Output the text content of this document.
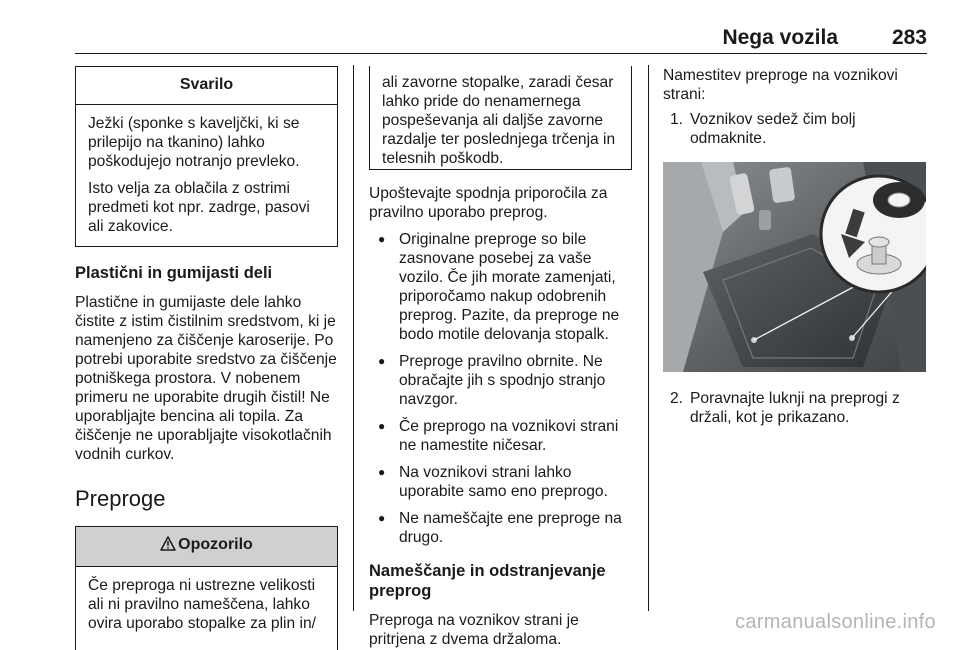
Nega vozila	283
Svarilo

Ježki (sponke s kaveljčki, ki se prilepijo na tkanino) lahko poškodujejo notranjo prevleko.

Isto velja za oblačila z ostrimi predmeti kot npr. zadrge, pasovi ali zakovice.

Plastični in gumijasti deli

Plastične in gumijaste dele lahko čistite z istim čistilnim sredstvom, ki je namenjeno za čiščenje karoserije. Po potrebi uporabite sredstvo za čiščenje potniškega prostora. V nobenem primeru ne uporabite drugih čistil! Ne uporabljajte bencina ali topila. Za čiščenje ne uporabljajte visokotlačnih vodnih curkov.

Preproge
Opozorilo

Če preproga ni ustrezne velikosti ali ni pravilno nameščena, lahko ovira uporabo stopalke za plin in/

ali zavorne stopalke, zaradi česar lahko pride do nenamernega pospeševanja ali daljše zavorne razdalje ter poslednjega trčenja in telesnih poškodb.

Upoštevajte spodnja priporočila za pravilno uporabo preprog.

● Originalne preproge so bile zasnovane posebej za vaše vozilo. Če jih morate zamenjati, priporočamo nakup odobrenih preprog. Pazite, da preproge ne bodo motile delovanja stopalk.
● Preproge pravilno obrnite. Ne obračajte jih s spodnjo stranjo navzgor.
● Če preprogo na voznikovi strani ne namestite ničesar.
● Na voznikovi strani lahko uporabite samo eno preprogo.
● Ne nameščajte ene preproge na drugo.
Nameščanje in odstranjevanje preprog

Preproga na voznikov strani je pritrjena z dvema držaloma.

Namestitev preproge na voznikovi strani:

1. Voznikov sedež čim bolj odmaknite.
2. Poravnajte luknji na preprogi z držali, kot je prikazano.
carmanualsonline.info
